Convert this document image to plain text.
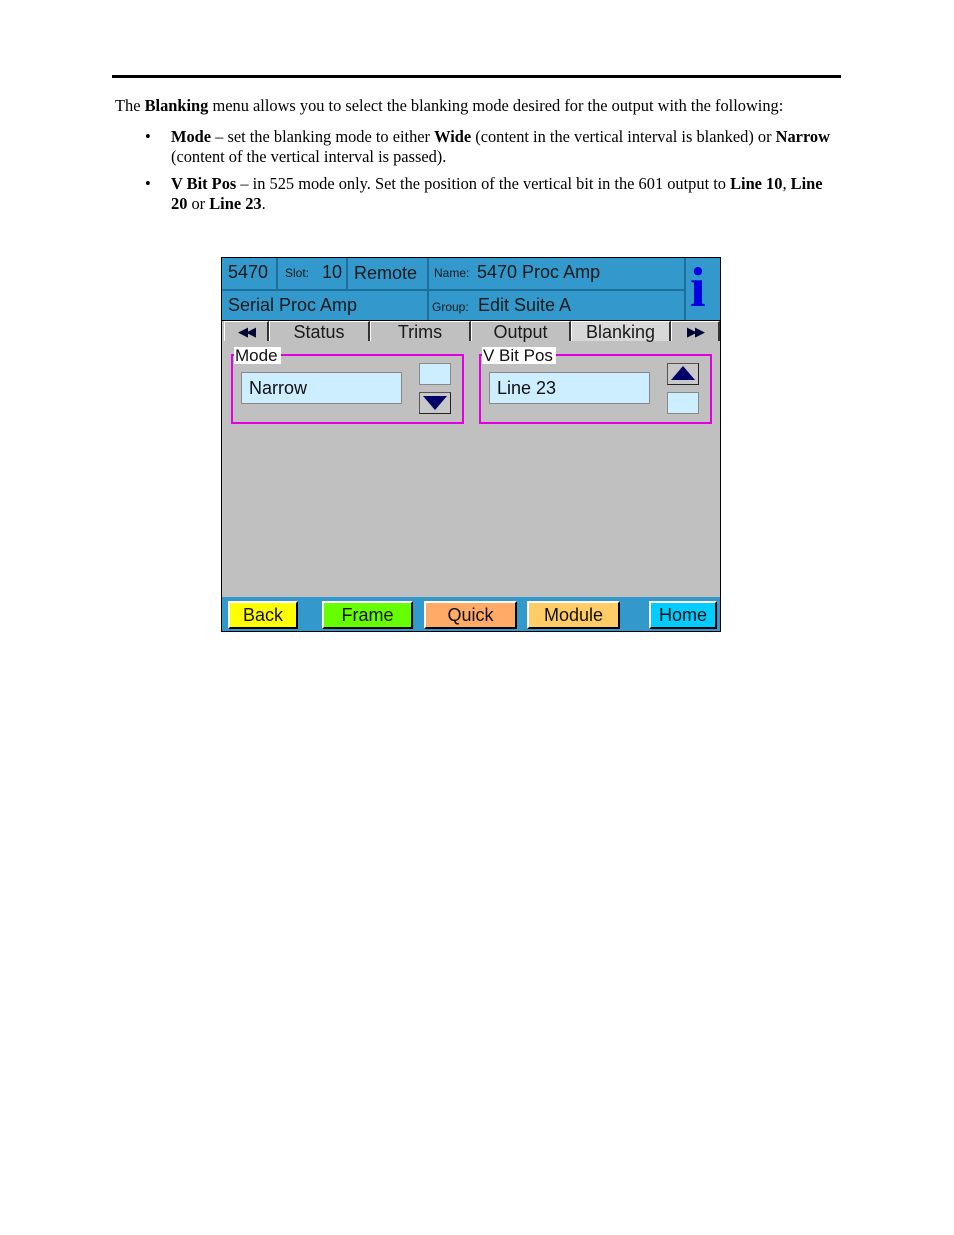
The Blanking menu allows you to select the blanking mode desired for the output with the following:

• Mode – set the blanking mode to either Wide (content in the vertical interval is blanked) or Narrow (content of the vertical interval is passed).
• V Bit Pos – in 525 mode only. Set the position of the vertical bit in the 601 output to Line 10, Line 20 or Line 23.
5470 Slot: 10 Remote Name: 5470 Proc Amp
Serial Proc Amp	Group: Edit Suite A i
◀◀	Status	Trims	Output	Blanking	▶▶
Mode
Narrow
V Bit Pos
Line 23
Back	Frame	Quick	Module	Home
